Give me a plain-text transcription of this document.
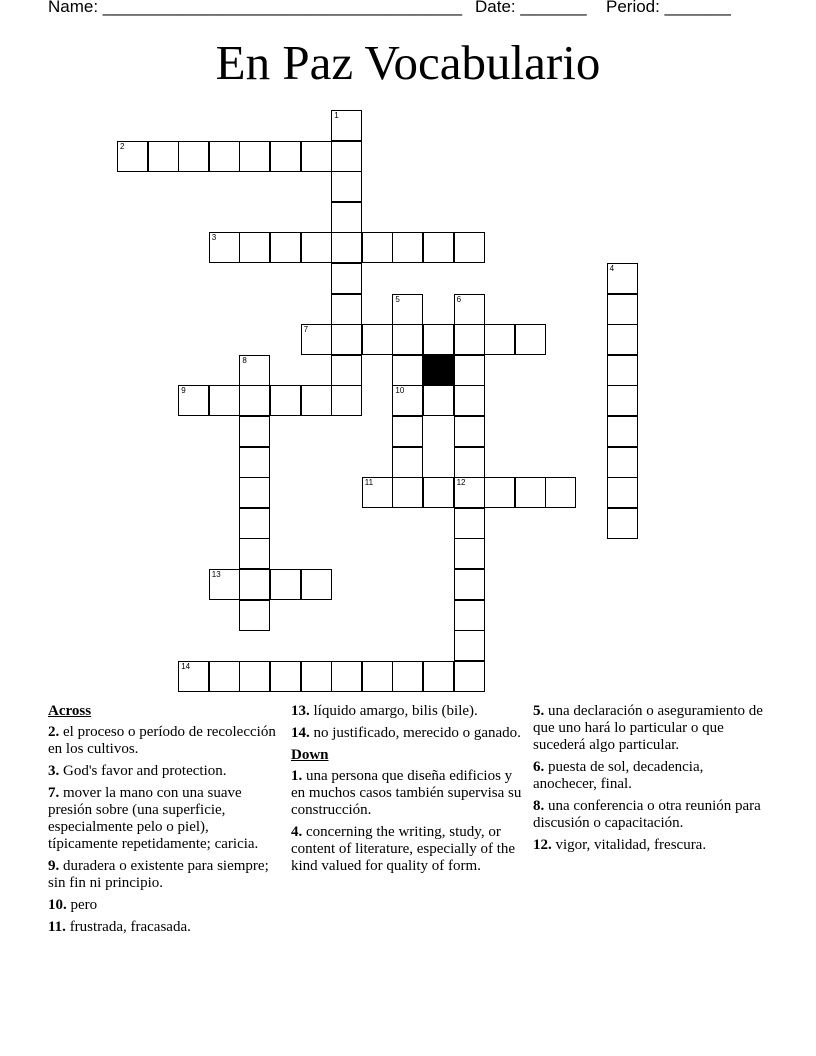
Name: ______________________________________ Date: _______ Period: _______
En Paz Vocabulario
1
2
3
4
5
10
6
7
8
9
11	12
13
14
Across
2. el proceso o período de recolección en los cultivos.
3. God's favor and protection.
7. mover la mano con una suave presión sobre (una superficie, especialmente pelo o piel), típicamente repetidamente; caricia.
9. duradera o existente para siempre; sin fin ni principio.
10. pero
11. frustrada, fracasada.
13. líquido amargo, bilis (bile).
14. no justificado, merecido o ganado.
Down
1. una persona que diseña edificios y en muchos casos también supervisa su construcción.
4. concerning the writing, study, or content of literature, especially of the kind valued for quality of form.
5. una declaración o aseguramiento de que uno hará lo particular o que sucederá algo particular.
6. puesta de sol, decadencia, anochecer, final.
8. una conferencia o otra reunión para discusión o capacitación.
12. vigor, vitalidad, frescura.
